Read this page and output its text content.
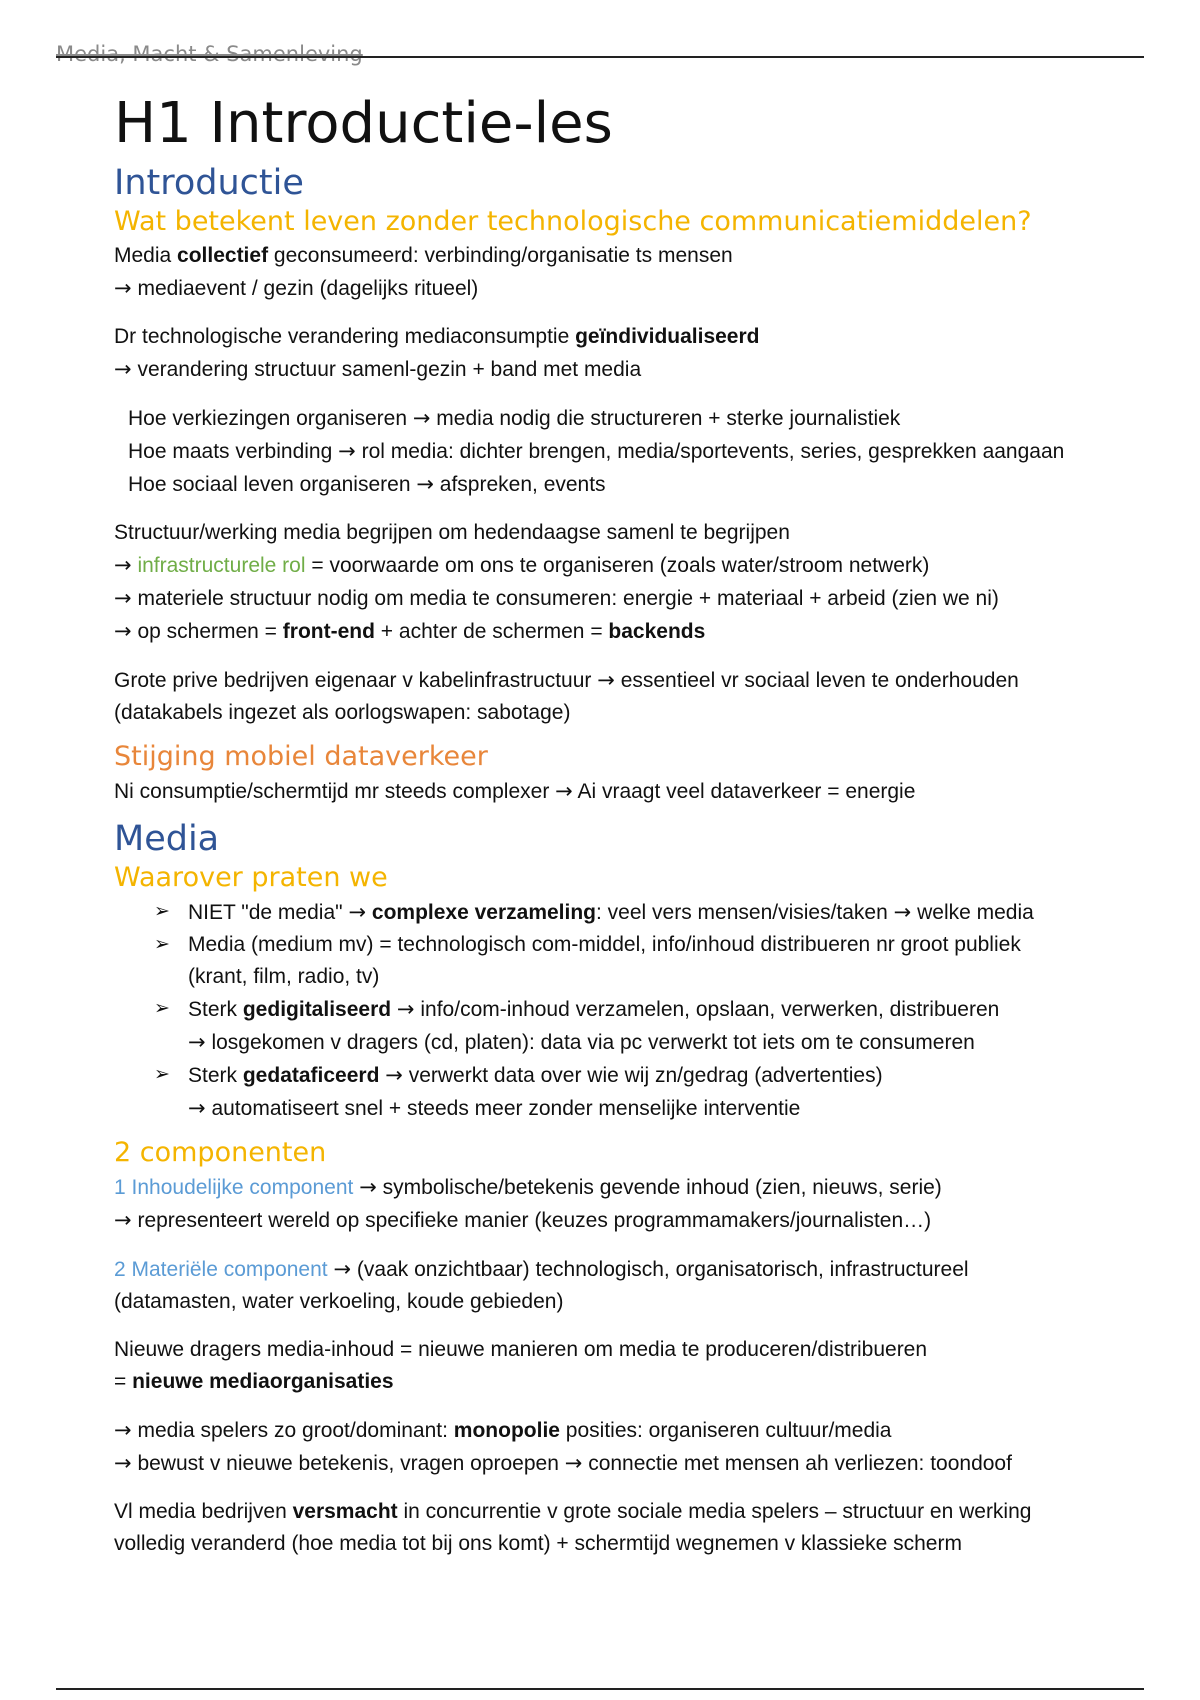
Media, Macht & Samenleving
H1 Introductie-les
Introductie
Wat betekent leven zonder technologische communicatiemiddelen?

Media collectief geconsumeerd: verbinding/organisatie ts mensen

→ mediaevent / gezin (dagelijks ritueel)

Dr technologische verandering mediaconsumptie geïndividualiseerd

→ verandering structuur samenl-gezin + band met media

Hoe verkiezingen organiseren → media nodig die structureren + sterke journalistiek

Hoe maats verbinding → rol media: dichter brengen, media/sportevents, series, gesprekken aangaan

Hoe sociaal leven organiseren → afspreken, events

Structuur/werking media begrijpen om hedendaagse samenl te begrijpen

→ infrastructurele rol = voorwaarde om ons te organiseren (zoals water/stroom netwerk)

→ materiele structuur nodig om media te consumeren: energie + materiaal + arbeid (zien we ni)

→ op schermen = front-end + achter de schermen = backends

Grote prive bedrijven eigenaar v kabelinfrastructuur → essentieel vr sociaal leven te onderhouden

(datakabels ingezet als oorlogswapen: sabotage)

Stijging mobiel dataverkeer

Ni consumptie/schermtijd mr steeds complexer → Ai vraagt veel dataverkeer = energie

Media
Waarover praten we
➢ NIET "de media" → complexe verzameling: veel vers mensen/visies/taken → welke media
➢ Media (medium mv) = technologisch com-middel, info/inhoud distribueren nr groot publiek
(krant, film, radio, tv)
➢ Sterk gedigitaliseerd → info/com-inhoud verzamelen, opslaan, verwerken, distribueren
→ losgekomen v dragers (cd, platen): data via pc verwerkt tot iets om te consumeren
➢ Sterk gedataficeerd → verwerkt data over wie wij zn/gedrag (advertenties)
→ automatiseert snel + steeds meer zonder menselijke interventie
2 componenten

1 Inhoudelijke component → symbolische/betekenis gevende inhoud (zien, nieuws, serie)

→ representeert wereld op specifieke manier (keuzes programmamakers/journalisten…)

2 Materiële component → (vaak onzichtbaar) technologisch, organisatorisch, infrastructureel

(datamasten, water verkoeling, koude gebieden)

Nieuwe dragers media-inhoud = nieuwe manieren om media te produceren/distribueren

= nieuwe mediaorganisaties

→ media spelers zo groot/dominant: monopolie posities: organiseren cultuur/media

→ bewust v nieuwe betekenis, vragen oproepen → connectie met mensen ah verliezen: toondoof

Vl media bedrijven versmacht in concurrentie v grote sociale media spelers – structuur en werking

volledig veranderd (hoe media tot bij ons komt) + schermtijd wegnemen v klassieke scherm
